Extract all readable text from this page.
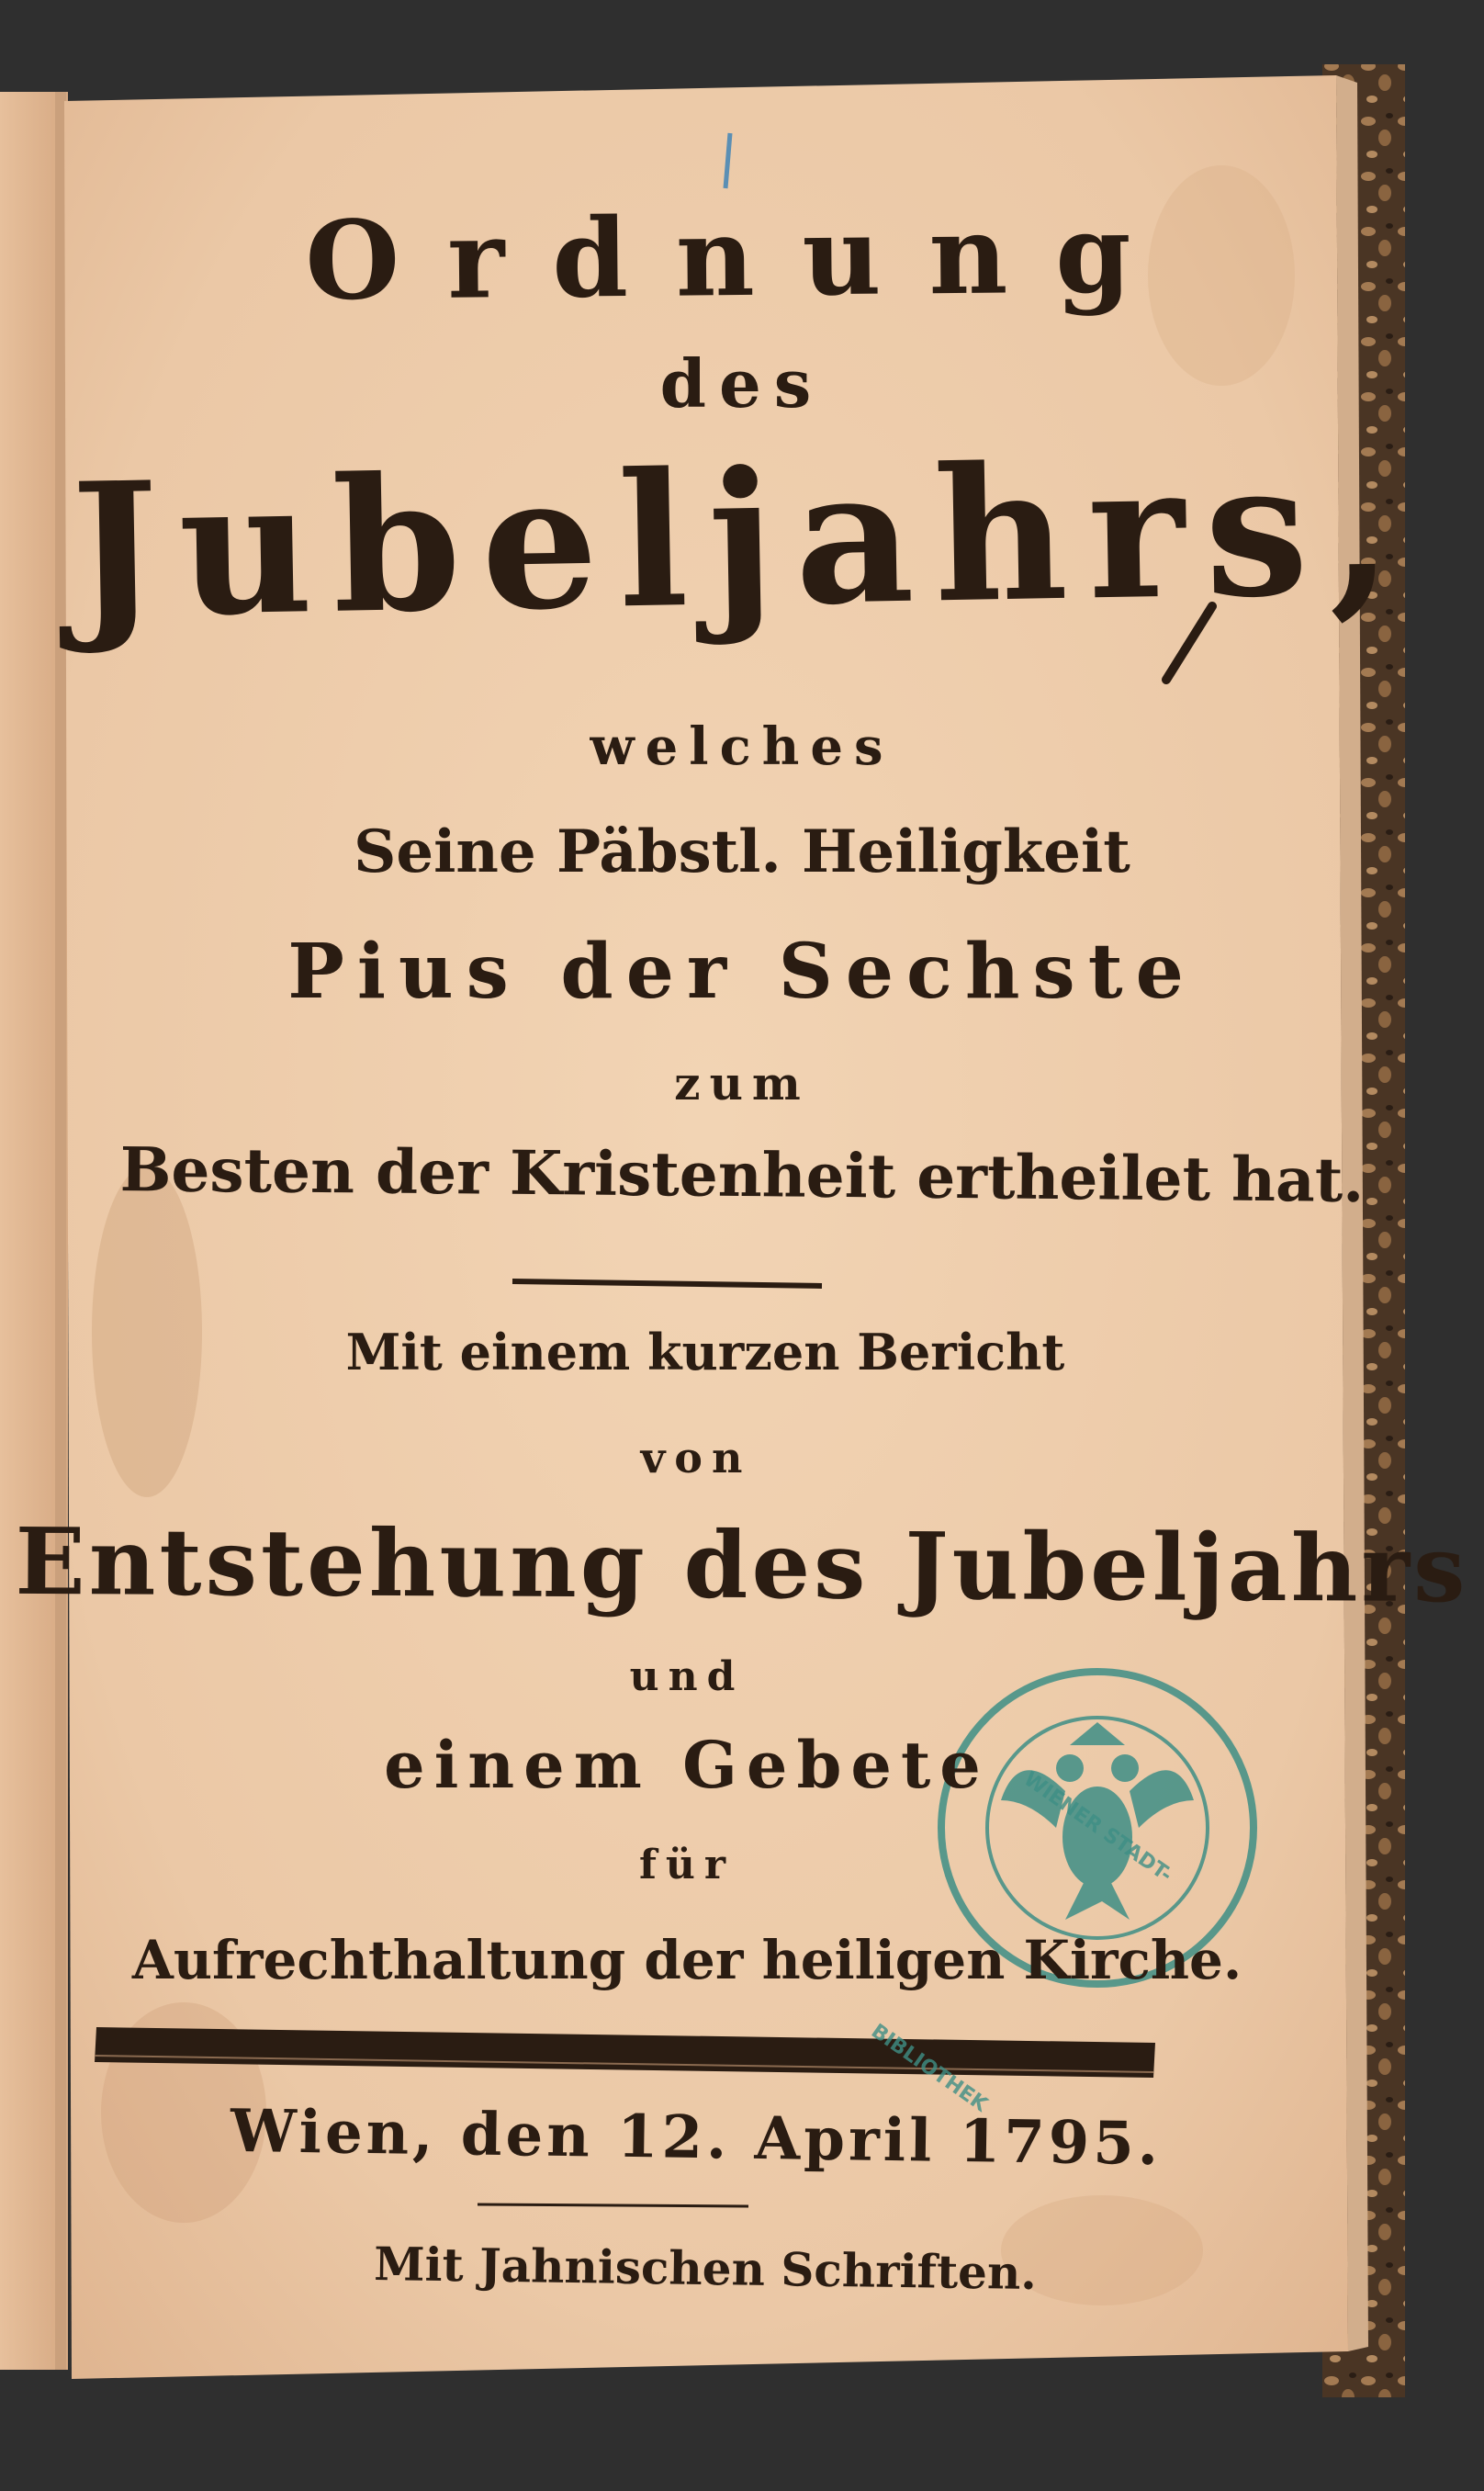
Ordnung

des

Jubeljahrs,

welches

Seine Päbstl. Heiligkeit

Pius der Sechste

zum

Besten der Kristenheit ertheilet hat.

Mit einem kurzen Bericht

von

Entstehung des Jubeljahrs

und

einem Gebete

für

Aufrechthaltung der heiligen Kirche.

Wien, den 12. April 1795.

Mit Jahnischen Schriften.

WIENER STADT-BIBLIOTHEK
